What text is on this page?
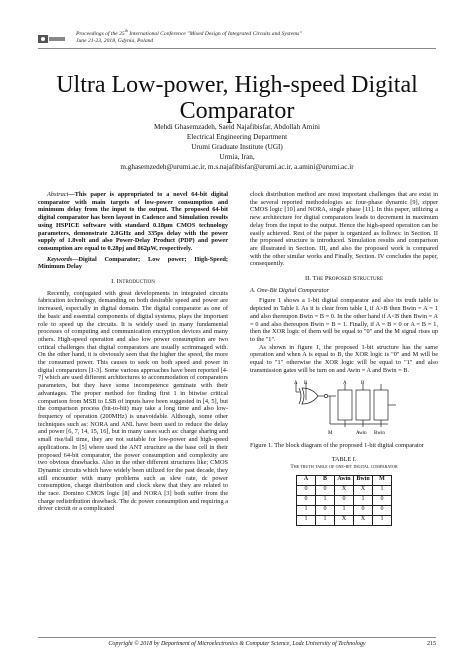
Proceedings of the 25th International Conference "Mixed Design of Integrated Circuits and Systems"
June 21-23, 2018, Gdynia, Poland
Ultra Low-power, High-speed Digital Comparator
Mehdi Ghasemzadeh, Saeid Najafibisfar, Abdollah Amini
Electrical Engineering Department
Urumi Graduate Institute (UGI)
Urmia, Iran,
m.ghasemzedeh@urumi.ac.ir, m.s.najafibisfar@urumi.ac.ir, a.amini@urumi.ac.ir

Abstract—This paper is appropriated to a novel 64-bit digital comparator with main targets of low-power consumption and minimum delay from the input to the output. The proposed 64-bit digital comparator has been layout in Cadence and Simulation results using HSPICE software with standard 0.18μm CMOS technology parameters, demonstrate 2.8GHz and 335ps delay with the power supply of 1.8volt and also Power-Delay Product (PDP) and power consumption are equal to 0.28pj and 862μW, respectively.

Keywords—Digital Comparator; Low power; High-Speed; Minimum Delay

I. Introduction

Recently, conjugated with great developments in integrated circuits fabrication technology, demanding on both desirable speed and power are increased, especially in digital domain. The digital comparator as one of the basic and essential components of digital systems, plays the important role to speed up the circuits. It is widely used in many fundamental processes of computing and communication encryption devices and many others. High-speed operation and also low power consumption are two critical challenges that digital comparators are usually scrimmaged with. On the other hand, it is obviously seen that the higher the speed, the more the consumed power. This causes to seek on both speed and power in digital comparators [1-3]. Some various approaches have been reported [4-7] which are used different architectures to accommodation of comparators parameters, but they have some incompetence geminate with their advantages. The proper method for finding first 1 in bitwise critical comparison from MSB to LSB of inputs have been suggested in [4, 5], but the comparison process (bit-to-bit) may take a long time and also low-frequency of operation (200MHz) is unavoidable. Although, some other techniques such as: NORA and ANL have been used to reduce the delay and power [6, 7, 14, 15, 16], but in many cases such as: charge sharing and small rise/fall time, they are not suitable for low-power and high-speed applications. In [5] where used the ANT structure as the base cell in their proposed 64-bit comparator, the power consumption and complexity are two obvious drawbacks. Also in the other different structures like; CMOS Dynamic circuits which have widely been utilized for the past decade, they still encounter with many problems such as slew rate, dc power consumption, charge distribution and clock skew that they are related to the race. Domino CMOS logic [8] and NORA [3] both suffer from the charge redistribution drawback. The dc power consumption and requiring a driver circuit or a complicated

clock distribution method are most important challenges that are exist in the several reported methodologies as: four-phase dynamic [9], zipper CMOS logic [10] and NORA, single phase [11]. In this paper, utilizing a new architecture for digital comparators leads to decrement in maximum delay from the input to the output. Hence the high-speed operation can be easily achieved. Rest of the paper is organized as follows: in Section. II the proposed structure is introduced. Simulation results and comparison are illustrated in Section. III, and also the proposed work is compared with the other similar works and Finally, Section. IV concludes the paper, consequently.

II. The Proposed Structure
A. One-Bit Digital Comparator

Figure 1 shows a 1-bit digital comparator and also its truth table is depicted in Table I. As it is clear from table I, if A>B then Bwin = A = 1 and also thereupon Bwin = B = 0. In the other hand if A<B then Bwin = A = 0 and also thereupon Bwin = B = 1. Finally, if A = B = 0 or A = B = 1, then the XOR logic of them will be equal to "0" and the M signal rises up to the "1".

As shown in figure 1, the proposed 1-bit structure has the same operation and when A is equal to B, the XOR logic is "0" and M will be equal to "1" otherwise the XOR logic will be equal to "1" and also transmission gates will be turn on and Awin = A and Bwin = B.

A B	A	B
M	Awin Bwin
Figure 1. The block diagram of the proposed 1-bit digital comparator
TABLE I.
The truth table of one-bit digital comparator
A	B	Awin	Bwin	M
0	0	X	X	1
0	1	0	1	0
1	0	1	0	0
1	1	X	X	1
Copyright © 2018 by Department of Microelectronics & Computer Science, Lodz University of Technology	215
